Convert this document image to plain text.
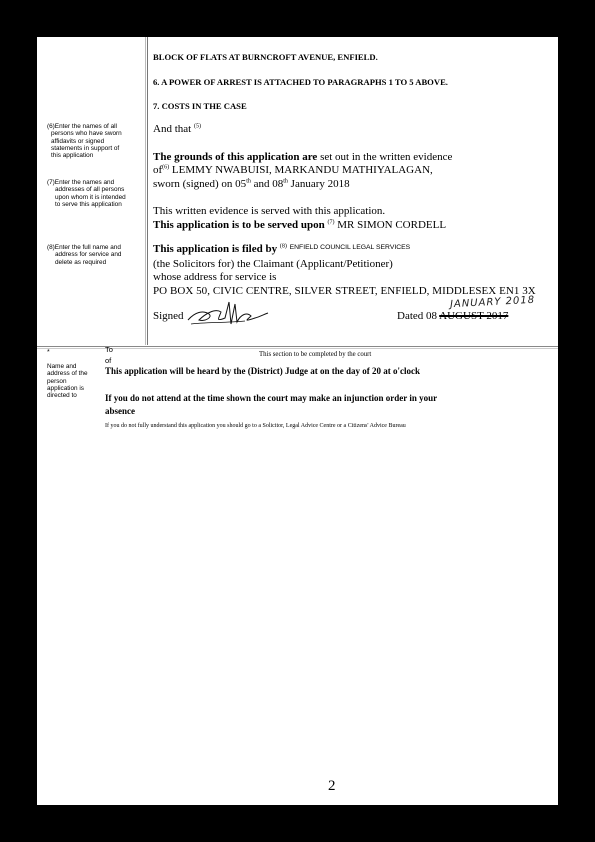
BLOCK OF FLATS AT BURNCROFT AVENUE, ENFIELD.
6. A POWER OF ARREST IS ATTACHED TO PARAGRAPHS 1 TO 5 ABOVE.
7. COSTS IN THE CASE
(6)Enter the names of all
persons who have sworn
affidavits or signed
statements in support of
this application
(7)Enter the names and
addresses of all persons
upon whom it is intended
to serve this application
(8)Enter the full name and
address for service and
delete as required
And that $^{(5)}$
The grounds of this application are set out in the written evidence
$of^{(6)}$ LEMMY NWABUISI, MARKANDU MATHIYALAGAN,
sworn (signed) on 05th and 08th January 2018
This written evidence is served with this application.
This application is to be served upon $^{(7)}$ MR SIMON CORDELL
This application is filed by $^{(8)}$ $^{ENFIELD COUNCIL LEGAL SERVICES}$
(the Solicitors for) the Claimant (Applicant/Petitioner)
whose address for service is
PO BOX 50, CIVIC CENTRE, SILVER STREET, ENFIELD, MIDDLESEX EN1 3X
JANUARY 2018
Signed	Dated 08 AUGUST 2017
*	To
of
This section to be completed by the court
Name and
address of the
person
application is
directed to
This application will be heard by the (District) Judge at on the day of 20 at o'clock
If you do not attend at the time shown the court may make an injunction order in your
absence
If you do not fully understand this application you should go to a Solicitor, Legal Advice Centre or a Citizens' Advice Bureau
2
